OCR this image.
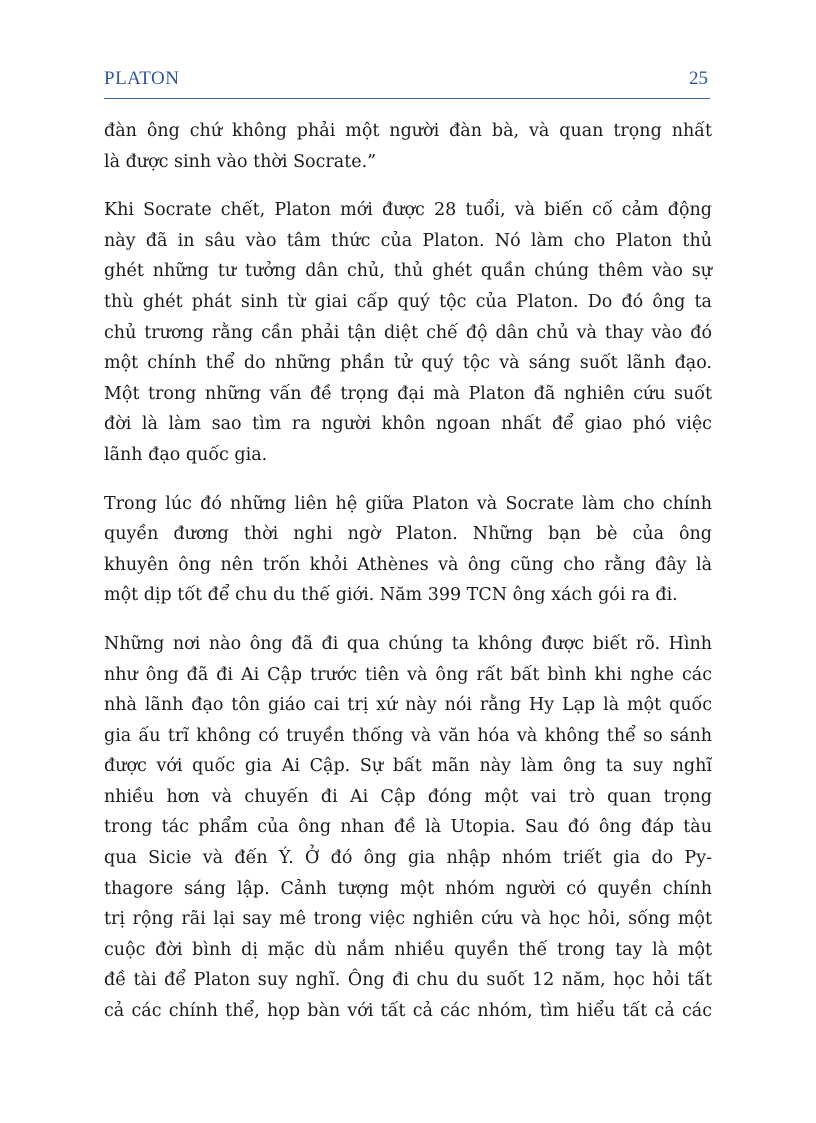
PLATON	25

đàn ông chứ không phải một người đàn bà, và quan trọng nhất
là được sinh vào thời Socrate.”

Khi Socrate chết, Platon mới được 28 tuổi, và biến cố cảm động
này đã in sâu vào tâm thức của Platon. Nó làm cho Platon thủ
ghét những tư tưởng dân chủ, thủ ghét quần chúng thêm vào sự
thù ghét phát sinh từ giai cấp quý tộc của Platon. Do đó ông ta
chủ trương rằng cần phải tận diệt chế độ dân chủ và thay vào đó
một chính thể do những phần tử quý tộc và sáng suốt lãnh đạo.
Một trong những vấn đề trọng đại mà Platon đã nghiên cứu suốt
đời là làm sao tìm ra người khôn ngoan nhất để giao phó việc
lãnh đạo quốc gia.

Trong lúc đó những liên hệ giữa Platon và Socrate làm cho chính
quyền đương thời nghi ngờ Platon. Những bạn bè của ông
khuyên ông nên trốn khỏi Athènes và ông cũng cho rằng đây là
một dịp tốt để chu du thế giới. Năm 399 TCN ông xách gói ra đi.

Những nơi nào ông đã đi qua chúng ta không được biết rõ. Hình
như ông đã đi Ai Cập trước tiên và ông rất bất bình khi nghe các
nhà lãnh đạo tôn giáo cai trị xứ này nói rằng Hy Lạp là một quốc
gia ấu trĩ không có truyền thống và văn hóa và không thể so sánh
được với quốc gia Ai Cập. Sự bất mãn này làm ông ta suy nghĩ
nhiều hơn và chuyến đi Ai Cập đóng một vai trò quan trọng
trong tác phẩm của ông nhan đề là Utopia. Sau đó ông đáp tàu
qua Sicie và đến Ý. Ở đó ông gia nhập nhóm triết gia do Py-
thagore sáng lập. Cảnh tượng một nhóm người có quyền chính
trị rộng rãi lại say mê trong việc nghiên cứu và học hỏi, sống một
cuộc đời bình dị mặc dù nắm nhiều quyền thế trong tay là một
đề tài để Platon suy nghĩ. Ông đi chu du suốt 12 năm, học hỏi tất
cả các chính thể, họp bàn với tất cả các nhóm, tìm hiểu tất cả các
